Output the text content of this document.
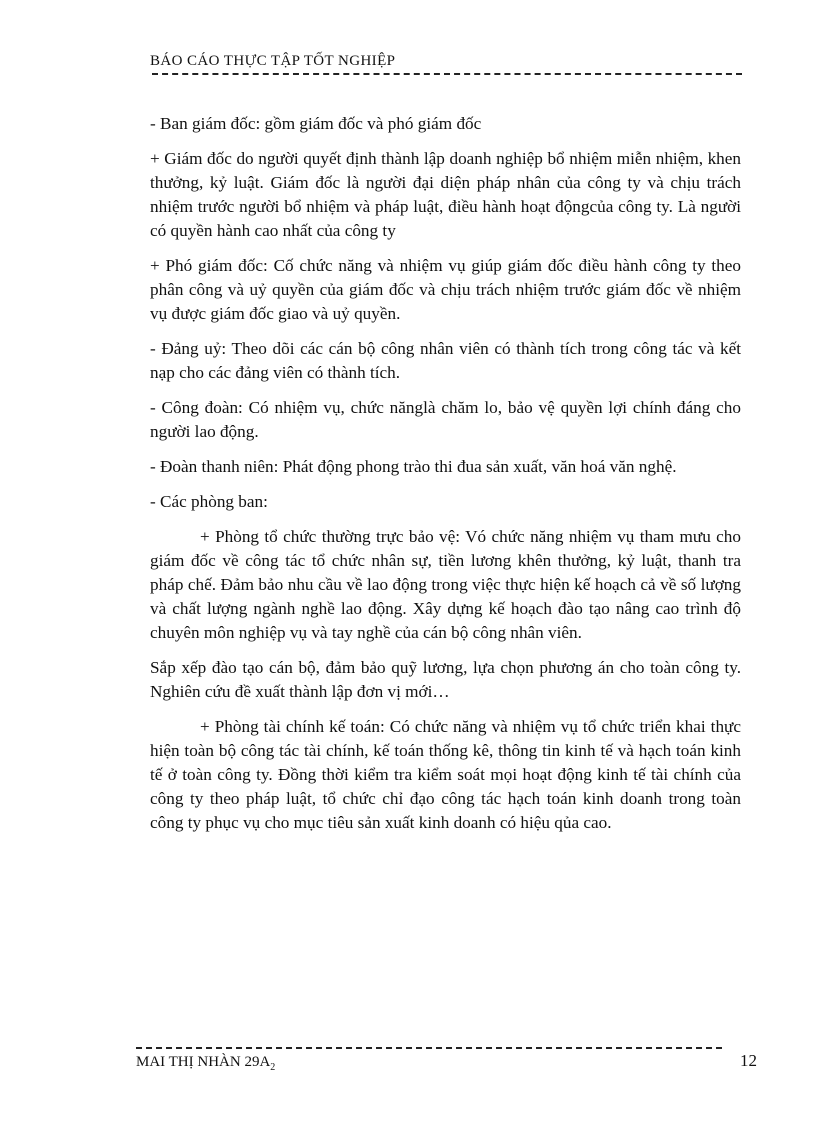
BÁO CÁO THỰC TẬP TỐT NGHIỆP

- Ban giám đốc: gồm giám đốc và phó giám đốc

+ Giám đốc do người quyết định thành lập doanh nghiệp bổ nhiệm miễn nhiệm, khen thưởng, kỷ luật. Giám đốc là người đại diện pháp nhân của công ty và chịu trách nhiệm trước người bổ nhiệm và pháp luật, điều hành hoạt độngcủa công ty. Là người có quyền hành cao nhất của công ty

+ Phó giám đốc: Cố chức năng và nhiệm vụ giúp giám đốc điều hành công ty theo phân công và uỷ quyền của giám đốc và chịu trách nhiệm trước giám đốc về nhiệm vụ được giám đốc giao và uỷ quyền.

- Đảng uỷ: Theo dõi các cán bộ công nhân viên có thành tích trong công tác và kết nạp cho các đảng viên có thành tích.

- Công đoàn: Có nhiệm vụ, chức nănglà chăm lo, bảo vệ quyền lợi chính đáng cho người lao động.

- Đoàn thanh niên: Phát động phong trào thi đua sản xuất, văn hoá văn nghệ.

- Các phòng ban:

+ Phòng tổ chức thường trực bảo vệ: Vó chức năng nhiệm vụ tham mưu cho giám đốc về công tác tổ chức nhân sự, tiền lương khên thưởng, kỷ luật, thanh tra pháp chế. Đảm bảo nhu cầu về lao động trong việc thực hiện kế hoạch cả về số lượng và chất lượng ngành nghề lao động. Xây dựng kế hoạch đào tạo nâng cao trình độ chuyên môn nghiệp vụ và tay nghề của cán bộ công nhân viên.

Sắp xếp đào tạo cán bộ, đảm bảo quỹ lương, lựa chọn phương án cho toàn công ty. Nghiên cứu đề xuất thành lập đơn vị mới…

+ Phòng tài chính kế toán: Có chức năng và nhiệm vụ tổ chức triển khai thực hiện toàn bộ công tác tài chính, kế toán thống kê, thông tin kinh tế và hạch toán kinh tế ở toàn công ty. Đồng thời kiểm tra kiểm soát mọi hoạt động kinh tế tài chính của công ty theo pháp luật, tổ chức chỉ đạo công tác hạch toán kinh doanh trong toàn công ty phục vụ cho mục tiêu sản xuất kinh doanh có hiệu qủa cao.

MAI THỊ NHÀN $29A_2$	12
